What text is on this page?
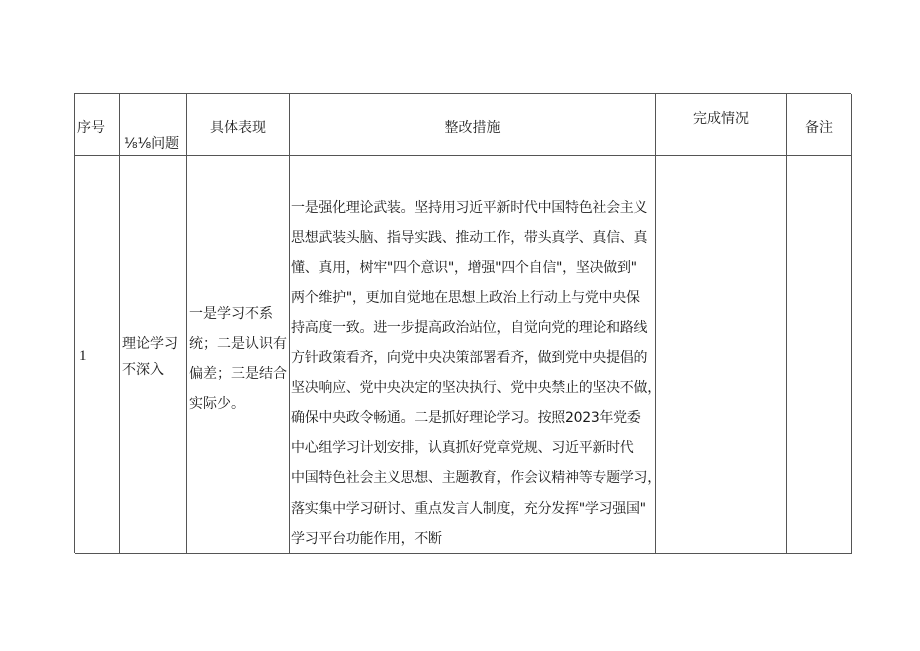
序号
⅛⅛问题
具体表现	整改措施
完成情况
备注
1
理论学习
不深入
一是学习不系
统；二是认识有
偏差；三是结合
实际少。
一是强化理论武装。坚持用习近平新时代中国特色社会主义
思想武装头脑、指导实践、推动工作，带头真学、真信、真
懂、真用，树牢"四个意识"，增强"四个自信"，坚决做到"
两个维护"，更加自觉地在思想上政治上行动上与党中央保
持高度一致。进一步提高政治站位，自觉向党的理论和路线
方针政策看齐，向党中央决策部署看齐，做到党中央提倡的
坚决响应、党中央决定的坚决执行、党中央禁止的坚决不做，
确保中央政令畅通。二是抓好理论学习。按照2023年党委
中心组学习计划安排，认真抓好党章党规、习近平新时代
中国特色社会主义思想、主题教育，作会议精神等专题学习，
落实集中学习研讨、重点发言人制度，充分发挥"学习强国"
学习平台功能作用，不断
